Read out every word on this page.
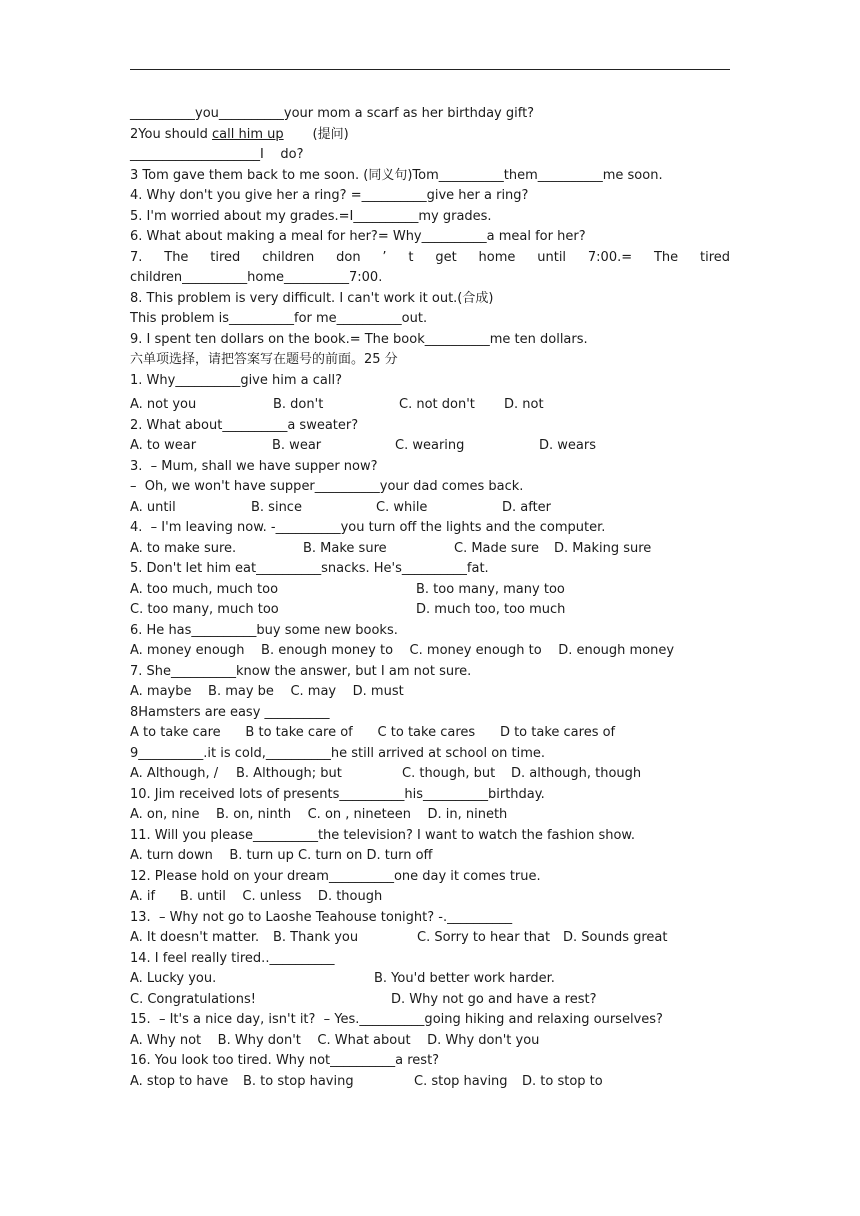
__________you__________your mom a scarf as her birthday gift?
2You should call him up       (提问)
____________________I    do?
3 Tom gave them back to me soon. (同义句)Tom__________them__________me soon.
4. Why don't you give her a ring? =__________give her a ring?
5. I'm worried about my grades.=I__________my grades.
6. What about making a meal for her?= Why__________a meal for her?
7. The tired children don ’ t get home until 7:00.= The tired
children__________home__________7:00.
8. This problem is very difficult. I can't work it out.(合成)
This problem is__________for me__________out.
9. I spent ten dollars on the book.= The book__________me ten dollars.
六单项选择，请把答案写在题号的前面。25 分
1. Why__________give him a call?
A. not you	B. don't	C. not don't	D. not
2. What about__________a sweater?
A. to wear	B. wear	C. wearing	D. wears
3.  – Mum, shall we have supper now?
–  Oh, we won't have supper__________your dad comes back.
A. until	B. since	C. while	D. after
4.  – I'm leaving now. -__________you turn off the lights and the computer.
A. to make sure.	B. Make sure	C. Made sure	D. Making sure
5. Don't let him eat__________snacks. He's__________fat.
A. too much, much too	B. too many, many too
C. too many, much too	D. much too, too much
6. He has__________buy some new books.
A. money enough    B. enough money to    C. money enough to    D. enough money
7. She__________know the answer, but I am not sure.
A. maybe    B. may be    C. may    D. must
8Hamsters are easy __________
A to take care      B to take care of      C to take cares      D to take cares of
9__________.it is cold,__________he still arrived at school on time.
A. Although, /	B. Although; but	C. though, but	D. although, though
10. Jim received lots of presents__________his__________birthday.
A. on, nine    B. on, ninth    C. on , nineteen    D. in, nineth
11. Will you please__________the television? I want to watch the fashion show.
A. turn down    B. turn up C. turn on D. turn off
12. Please hold on your dream__________one day it comes true.
A. if      B. until    C. unless    D. though
13.  – Why not go to Laoshe Teahouse tonight? -.__________
A. It doesn't matter.	B. Thank you	C. Sorry to hear that D. Sounds great
14. I feel really tired..__________
A. Lucky you.	B. You'd better work harder.
C. Congratulations!	D. Why not go and have a rest?
15.  – It's a nice day, isn't it?  – Yes.__________going hiking and relaxing ourselves?
A. Why not    B. Why don't    C. What about    D. Why don't you
16. You look too tired. Why not__________a rest?
A. stop to have	B. to stop having	C. stop having	D. to stop to
